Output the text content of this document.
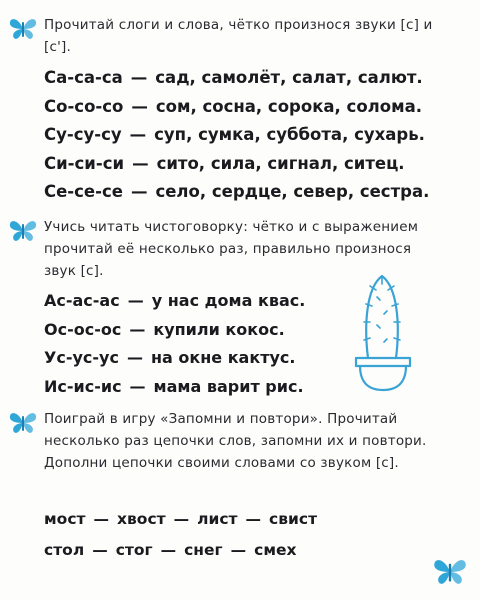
Прочитай слоги и слова, чётко произнося звуки [с] и [с'].
Са-са-са — сад, самолёт, салат, салют.
Со-со-со — сом, сосна, сорока, солома.
Су-су-су — суп, сумка, суббота, сухарь.
Си-си-си — сито, сила, сигнал, ситец.
Се-се-се — село, сердце, север, сестра.
Учись читать чистоговорку: чётко и с выражением прочитай её несколько раз, правильно произнося звук [с].
Ас-ас-ас — у нас дома квас.
Ос-ос-ос — купили кокос.
Ус-ус-ус — на окне кактус.
Ис-ис-ис — мама варит рис.
Поиграй в игру «Запомни и повтори». Прочитай несколько раз цепочки слов, запомни их и повтори. Дополни цепочки своими словами со звуком [с].
мост — хвост — лист — свист
стол — стог — снег — смех
